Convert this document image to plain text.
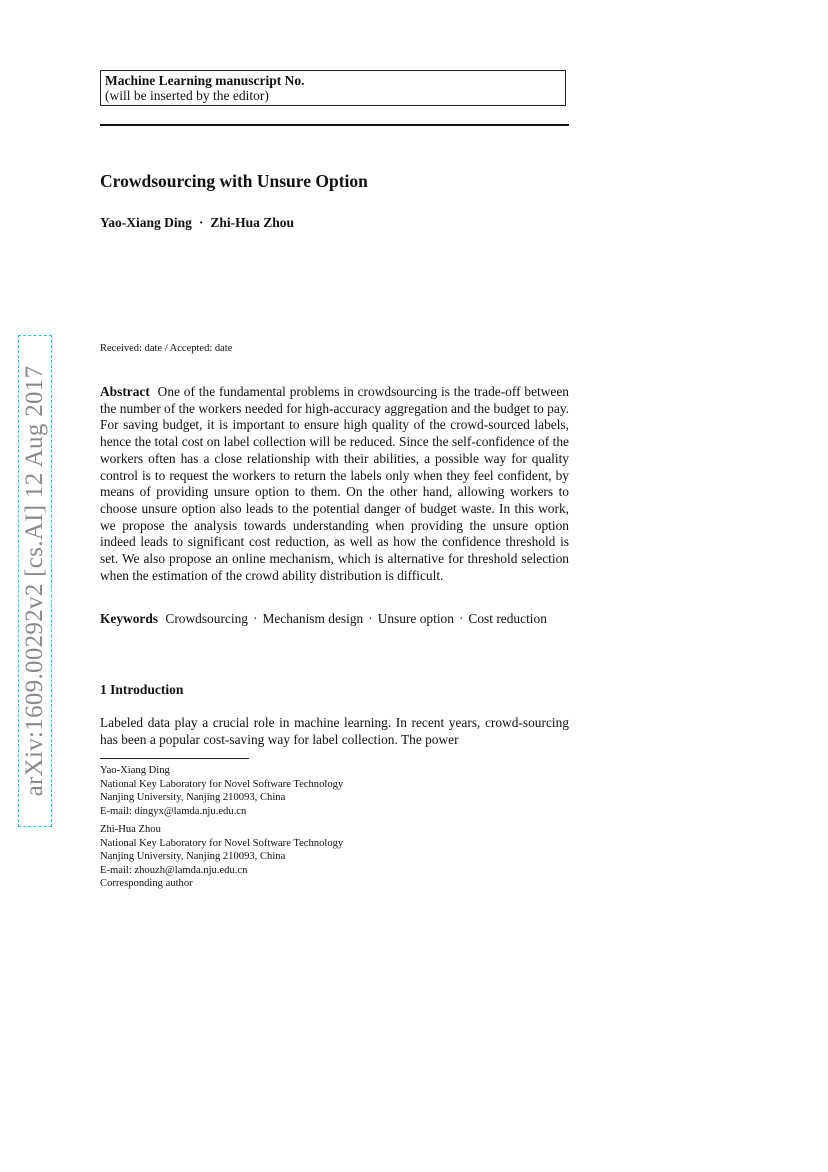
Machine Learning manuscript No.
(will be inserted by the editor)
Crowdsourcing with Unsure Option
Yao-Xiang Ding · Zhi-Hua Zhou
Received: date / Accepted: date

Abstract One of the fundamental problems in crowdsourcing is the trade-off between the number of the workers needed for high-accuracy aggregation and the budget to pay. For saving budget, it is important to ensure high quality of the crowd-sourced labels, hence the total cost on label collection will be reduced. Since the self-confidence of the workers often has a close relationship with their abilities, a possible way for quality control is to request the workers to return the labels only when they feel confident, by means of providing unsure option to them. On the other hand, allowing workers to choose unsure option also leads to the potential danger of budget waste. In this work, we propose the analysis towards understanding when providing the unsure option indeed leads to significant cost reduction, as well as how the confidence threshold is set. We also propose an online mechanism, which is alternative for threshold selection when the estimation of the crowd ability distribution is difficult.

Keywords Crowdsourcing · Mechanism design · Unsure option · Cost reduction

1 Introduction

Labeled data play a crucial role in machine learning. In recent years, crowd-sourcing has been a popular cost-saving way for label collection. The power

Yao-Xiang Ding
National Key Laboratory for Novel Software Technology
Nanjing University, Nanjing 210093, China
E-mail: dingyx@lamda.nju.edu.cn
Zhi-Hua Zhou
National Key Laboratory for Novel Software Technology
Nanjing University, Nanjing 210093, China
E-mail: zhouzh@lamda.nju.edu.cn
Corresponding author
arXiv:1609.00292v2 [cs.AI] 12 Aug 2017
